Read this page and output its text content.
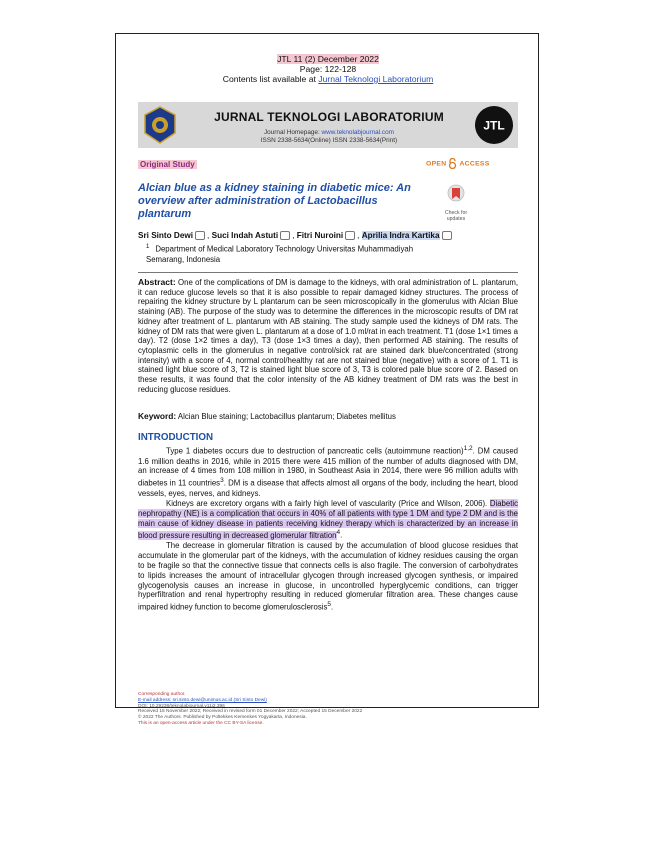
JTL 11 (2) December 2022
Page: 122-128
Contents list available at Jurnal Teknologi Laboratorium
JURNAL TEKNOLOGI LABORATORIUM
Journal Homepage: www.teknolabjournal.com
ISSN 2338-5634(Online) ISSN 2338-5634(Print)
JTL
Original Study	OPEN ACCESS
Alcian blue as a kidney staining in diabetic mice: An overview after administration of Lactobacillus plantarum	Check for updates
Sri Sinto Dewi , Suci Indah Astuti , Fitri Nuroini , Aprilia Indra Kartika
$^1$ Department of Medical Laboratory Technology Universitas Muhammadiyah Semarang, Indonesia
Abstract: One of the complications of DM is damage to the kidneys, with oral administration of L. plantarum, it can reduce glucose levels so that it is also possible to repair damaged kidney structures. The process of repairing the kidney structure by L plantarum can be seen microscopically in the glomerulus with Alcian Blue staining (AB). The purpose of the study was to determine the differences in the microscopic results of DM rat kidney after treatment of L. plantarum with AB staining. The study sample used the kidneys of DM rats. The kidney of DM rats that were given L. plantarum at a dose of 1.0 ml/rat in each treatment. T1 (dose 1×1 times a day). T2 (dose 1×2 times a day), T3 (dose 1×3 times a day), then performed AB staining. The results of cytoplasmic cells in the glomerulus in negative control/sick rat are stained dark blue/concentrated (strong intensity) with a score of 4, normal control/healthy rat are not stained blue (negative) with a score of 1. T1 is stained light blue score of 3, T2 is stained light blue score of 3, T3 is colored pale blue score of 2. Based on these results, it was found that the color intensity of the AB kidney treatment of DM rats was the best in reducing glucose residues.
Keyword: Alcian Blue staining; Lactobacillus plantarum; Diabetes mellitus
INTRODUCTION

Type 1 diabetes occurs due to destruction of pancreatic cells (autoimmune reaction)$^{1,2}$. DM caused 1.6 million deaths in 2016, while in 2015 there were 415 million of the number of adults diagnosed with DM, an increase of 4 times from 108 million in 1980, in Southeast Asia in 2014, there were 96 million adults with diabetes in 11 countries$^3$. DM is a disease that affects almost all organs of the body, including the heart, blood vessels, eyes, nerves, and kidneys.

Kidneys are excretory organs with a fairly high level of vascularity (Price and Wilson, 2006). Diabetic nephropathy (NE) is a complication that occurs in 40% of all patients with type 1 DM and type 2 DM and is the main cause of kidney disease in patients receiving kidney therapy which is characterized by an increase in blood pressure resulting in decreased glomerular filtration$^4$.

The decrease in glomerular filtration is caused by the accumulation of blood glucose residues that accumulate in the glomerular part of the kidneys, with the accumulation of kidney residues causing the organ to be fragile so that the connective tissue that connects cells is also fragile. The conversion of carbohydrates to lipids increases the amount of intracellular glycogen through increased glycogen synthesis, or impaired glycogenolysis causes an increase in glucose, in uncontrolled hyperglycemic conditions, can trigger hyperfiltration and renal hypertrophy resulting in reduced glomerular filtration area. These changes cause impaired kidney function to become glomerulosclerosis$^5$.

Corresponding author.
E-mail address: sri.sinto.dewi@unimus.ac.id (Sri Sinto Dewi)
DOI: 10.29238/teknolabjournal.v11i2.396
Received 15 November 2022; Received in revised form 01 December 2022; Accepted 15 December 2022
© 2022 The Authors. Published by Poltekkes Kemenkes Yogyakarta, Indonesia.
This is an open-access article under the CC BY-SA license.
